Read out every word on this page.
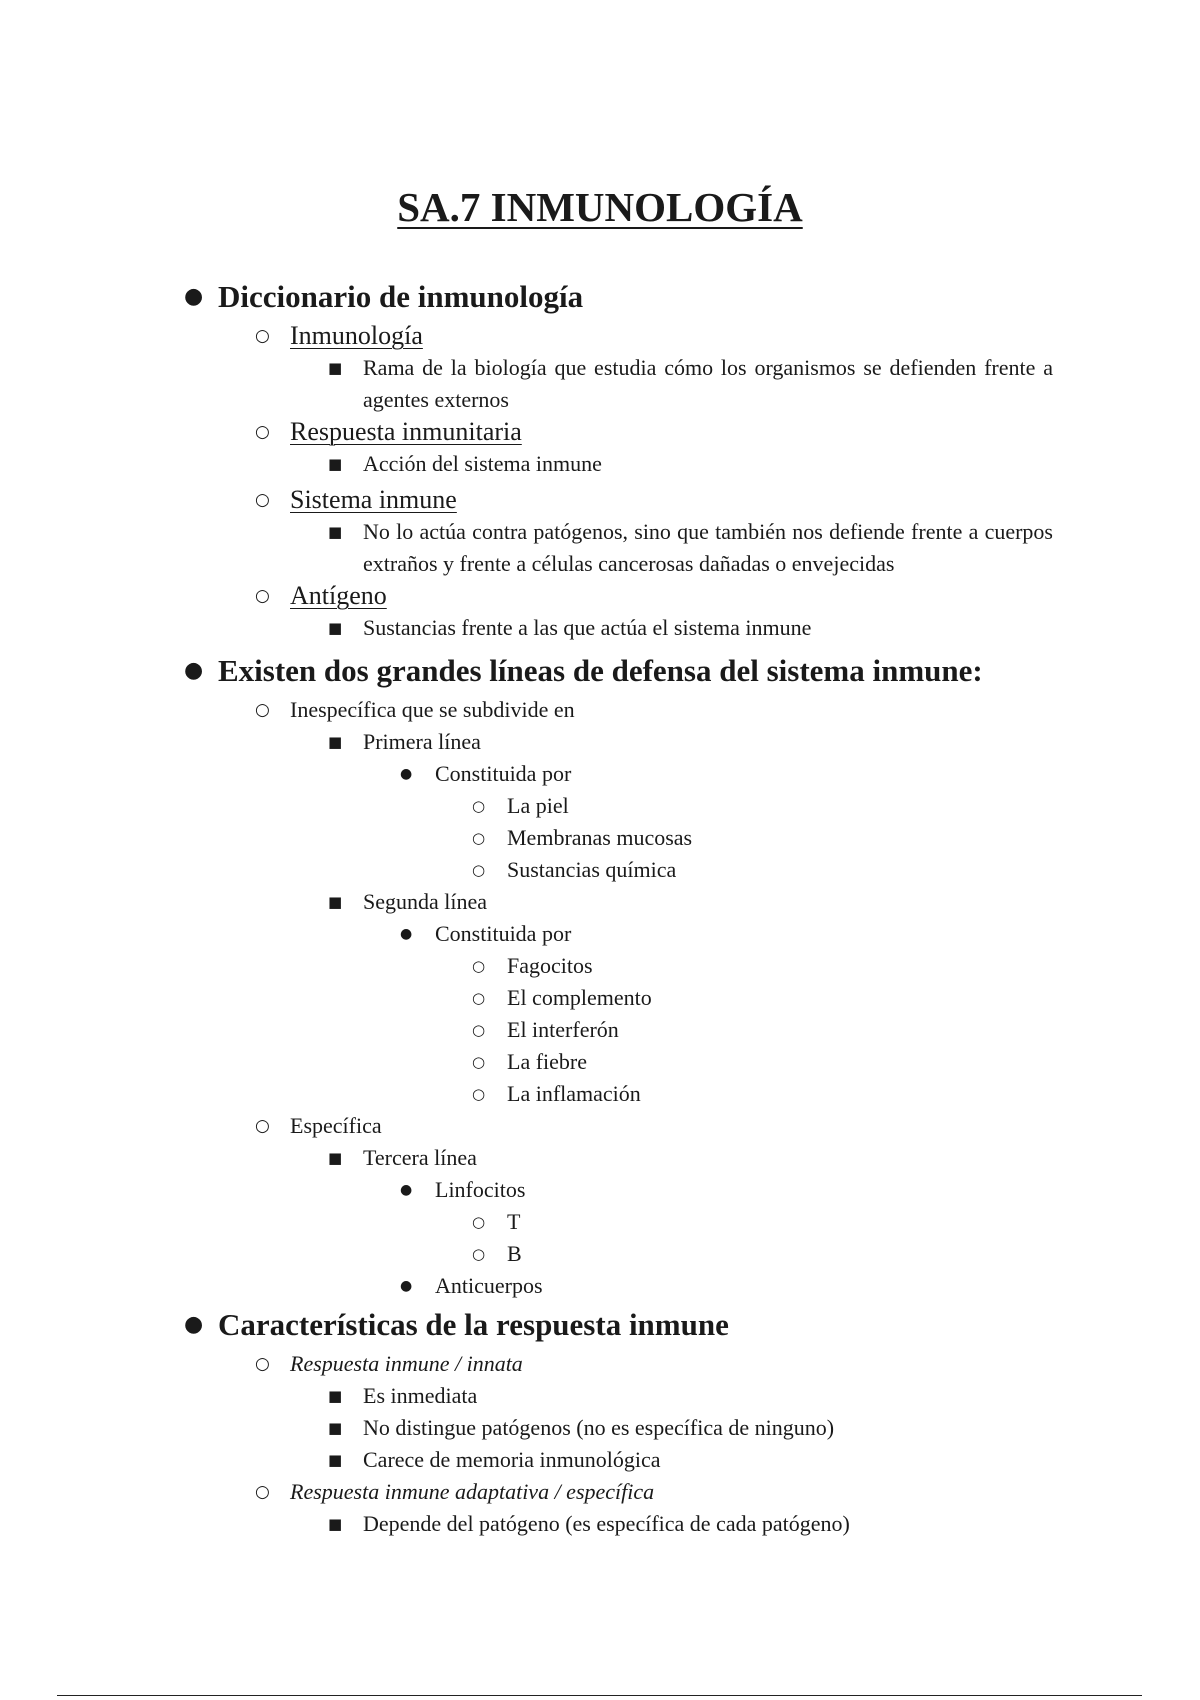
SA.7 INMUNOLOGÍA
● Diccionario de inmunología
○ Inmunología
■ Rama de la biología que estudia cómo los organismos se defienden frente a agentes externos
○ Respuesta inmunitaria
■ Acción del sistema inmune
○ Sistema inmune
■ No lo actúa contra patógenos, sino que también nos defiende frente a cuerpos extraños y frente a células cancerosas dañadas o envejecidas
○ Antígeno
■ Sustancias frente a las que actúa el sistema inmune
● Existen dos grandes líneas de defensa del sistema inmune:
○ Inespecífica que se subdivide en
■ Primera línea
● Constituida por
○ La piel
○ Membranas mucosas
○ Sustancias química
■ Segunda línea
● Constituida por
○ Fagocitos
○ El complemento
○ El interferón
○ La fiebre
○ La inflamación
○ Específica
■ Tercera línea
● Linfocitos
○ T
○ B
● Anticuerpos
● Características de la respuesta inmune
○ Respuesta inmune / innata
■ Es inmediata
■ No distingue patógenos (no es específica de ninguno)
■ Carece de memoria inmunológica
○ Respuesta inmune adaptativa / específica
■ Depende del patógeno (es específica de cada patógeno)
